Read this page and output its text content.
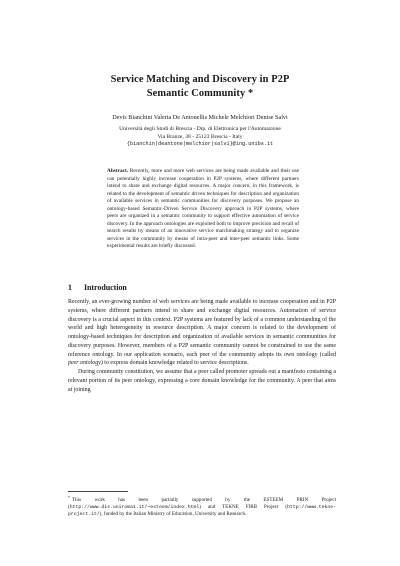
Service Matching and Discovery in P2P
Semantic Community *
Devis Bianchini Valeria De Antonellis Michele Melchiori Denise Salvi
Università degli Studi di Brescia - Dip. di Elettronica per l'Automazione
Via Branze, 38 - 25123 Brescia - Italy
{bianchin|deantone|melchior|salvi}@ing.unibs.it
Abstract. Recently, more and more web services are being made available and their use can potentially highly increase cooperation in P2P systems, where different partners intend to share and exchange digital resources. A major concern, in this framework, is related to the development of semantic driven techniques for description and organization of available services in semantic communities for discovery purposes. We propose an ontology-based Semantic-Driven Service Discovery approach in P2P systems, where peers are organized in a semantic community to support effective automation of service discovery. In the approach ontologies are exploited both to improve precision and recall of search results by means of an innovative service matchmaking strategy and to organize services in the community by means of intra-peer and inter-peer semantic links. Some experimental results are briefly discussed.
1 Introduction

Recently, an ever-growing number of web services are being made available to increase cooperation and in P2P systems, where different partners intend to share and exchange digital resources. Automation of service discovery is a crucial aspect in this context. P2P systems are featured by lack of a common understanding of the world and high heterogeneity in resource description. A major concern is related to the development of ontology-based techniques for description and organization of available services in semantic communities for discovery purposes. However, members of a P2P semantic community cannot be constrained to use the same reference ontology. In our application scenario, each peer of the community adopts its own ontology (called peer ontology) to express domain knowledge related to service descriptions.

During community constitution, we assume that a peer called promoter spreads out a manifesto containing a relevant portion of its peer ontology, expressing a core domain knowledge for the community. A peer that aims at joining

* This work has been partially supported by the ESTEEM PRIN Project (http://www.dis.uniroma1.it/~esteem/index.html) and TEKNE FIRB Project (http://www.tekne-project.it/), funded by the Italian Ministry of Education, University and Research.
